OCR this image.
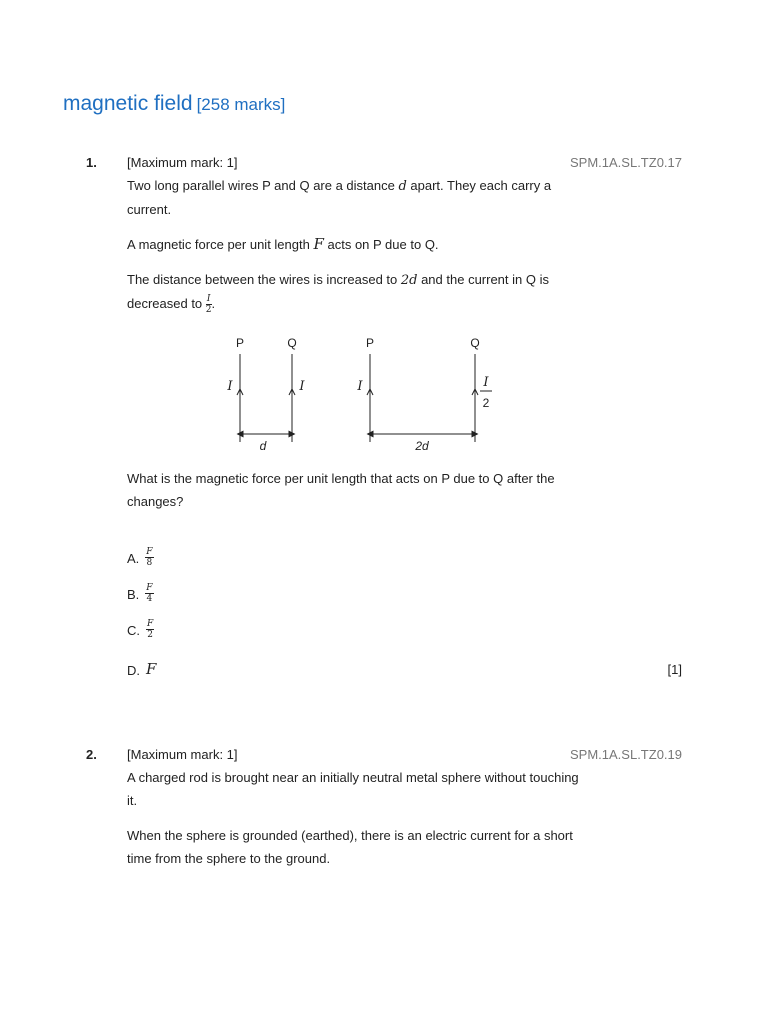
magnetic field [258 marks]
1.	SPM.1A.SL.TZ0.17

[Maximum mark: 1]

Two long parallel wires P and Q are a distance d apart. They each carry a current.

A magnetic force per unit length F acts on P due to Q.

The distance between the wires is increased to 2d and the current in Q is decreased to $\frac{I}{2}$ .

P	Q
I	I
d
P	Q
I	I
2
2d
What is the magnetic force per unit length that acts on P due to Q after the changes?
A. $\frac{F}{8}$
B. $\frac{F}{4}$
C. $\frac{F}{2}$
D. F	[1]
2.	SPM.1A.SL.TZ0.19

[Maximum mark: 1]

A charged rod is brought near an initially neutral metal sphere without touching it.

When the sphere is grounded (earthed), there is an electric current for a short time from the sphere to the ground.
